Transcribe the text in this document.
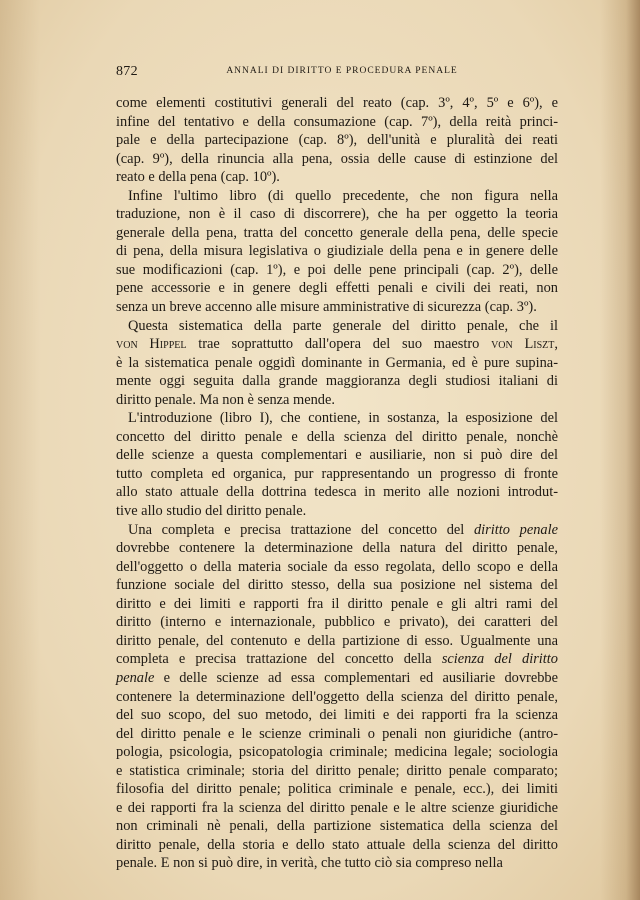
872	ANNALI DI DIRITTO E PROCEDURA PENALE
come elementi costitutivi generali del reato (cap. 3º, 4º, 5º e 6º), e
infine del tentativo e della consumazione (cap. 7º), della reità princi-
pale e della partecipazione (cap. 8º), dell'unità e pluralità dei reati
(cap. 9º), della rinuncia alla pena, ossia delle cause di estinzione del
reato e della pena (cap. 10º).
Infine l'ultimo libro (di quello precedente, che non figura nella
traduzione, non è il caso di discorrere), che ha per oggetto la teoria
generale della pena, tratta del concetto generale della pena, delle specie
di pena, della misura legislativa o giudiziale della pena e in genere delle
sue modificazioni (cap. 1º), e poi delle pene principali (cap. 2º), delle
pene accessorie e in genere degli effetti penali e civili dei reati, non
senza un breve accenno alle misure amministrative di sicurezza (cap. 3º).
Questa sistematica della parte generale del diritto penale, che il
von Hippel trae soprattutto dall'opera del suo maestro von Liszt,
è la sistematica penale oggidì dominante in Germania, ed è pure supina-
mente oggi seguita dalla grande maggioranza degli studiosi italiani di
diritto penale. Ma non è senza mende.
L'introduzione (libro I), che contiene, in sostanza, la esposizione del
concetto del diritto penale e della scienza del diritto penale, nonchè
delle scienze a questa complementari e ausiliarie, non si può dire del
tutto completa ed organica, pur rappresentando un progresso di fronte
allo stato attuale della dottrina tedesca in merito alle nozioni introdut-
tive allo studio del diritto penale.
Una completa e precisa trattazione del concetto del diritto penale
dovrebbe contenere la determinazione della natura del diritto penale,
dell'oggetto o della materia sociale da esso regolata, dello scopo e della
funzione sociale del diritto stesso, della sua posizione nel sistema del
diritto e dei limiti e rapporti fra il diritto penale e gli altri rami del
diritto (interno e internazionale, pubblico e privato), dei caratteri del
diritto penale, del contenuto e della partizione di esso. Ugualmente una
completa e precisa trattazione del concetto della scienza del diritto
penale e delle scienze ad essa complementari ed ausiliarie dovrebbe
contenere la determinazione dell'oggetto della scienza del diritto penale,
del suo scopo, del suo metodo, dei limiti e dei rapporti fra la scienza
del diritto penale e le scienze criminali o penali non giuridiche (antro-
pologia, psicologia, psicopatologia criminale; medicina legale; sociologia
e statistica criminale; storia del diritto penale; diritto penale comparato;
filosofia del diritto penale; politica criminale e penale, ecc.), dei limiti
e dei rapporti fra la scienza del diritto penale e le altre scienze giuridiche
non criminali nè penali, della partizione sistematica della scienza del
diritto penale, della storia e dello stato attuale della scienza del diritto
penale. E non si può dire, in verità, che tutto ciò sia compreso nella
